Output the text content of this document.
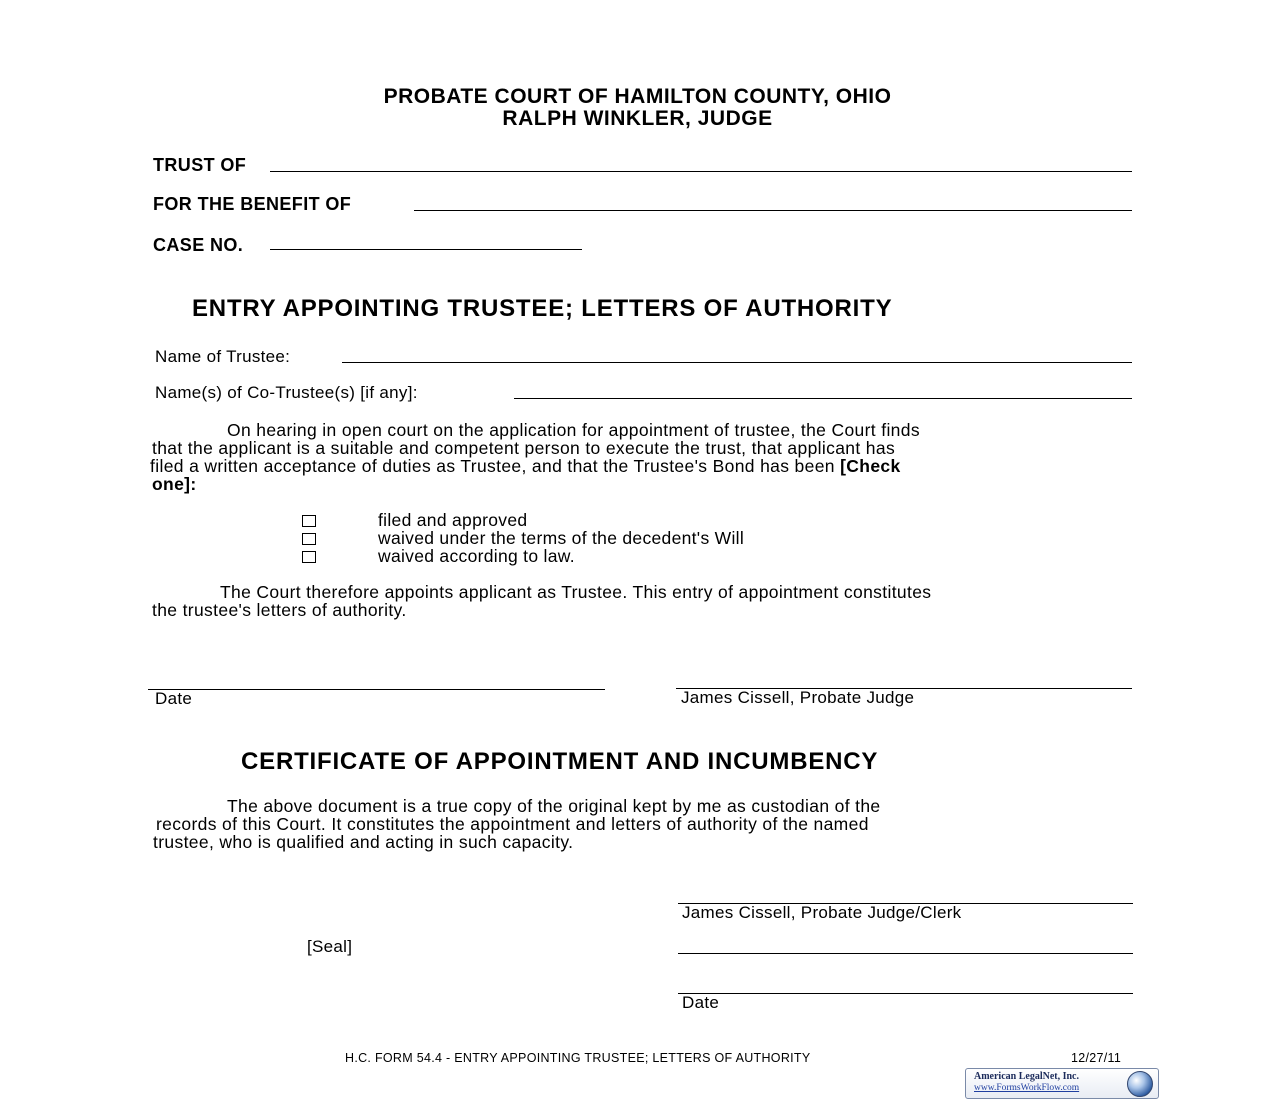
PROBATE COURT OF HAMILTON COUNTY, OHIO
RALPH WINKLER, JUDGE
TRUST OF
FOR THE BENEFIT OF
CASE NO.
ENTRY APPOINTING TRUSTEE; LETTERS OF AUTHORITY
Name of Trustee:
Name(s) of Co-Trustee(s) [if any]:
On hearing in open court on the application for appointment of trustee, the Court finds
that the applicant is a suitable and competent person to execute the trust, that applicant has
filed a written acceptance of duties as Trustee, and that the Trustee's Bond has been [Check
one]:
filed and approved
waived under the terms of the decedent's Will
waived according to law.
The Court therefore appoints applicant as Trustee. This entry of appointment constitutes
the trustee's letters of authority.
Date	James Cissell, Probate Judge
CERTIFICATE OF APPOINTMENT AND INCUMBENCY
The above document is a true copy of the original kept by me as custodian of the
records of this Court. It constitutes the appointment and letters of authority of the named
trustee, who is qualified and acting in such capacity.
James Cissell, Probate Judge/Clerk
[Seal]
Date
H.C. FORM 54.4 - ENTRY APPOINTING TRUSTEE; LETTERS OF AUTHORITY	12/27/11
American LegalNet, Inc.
www.FormsWorkFlow.com
